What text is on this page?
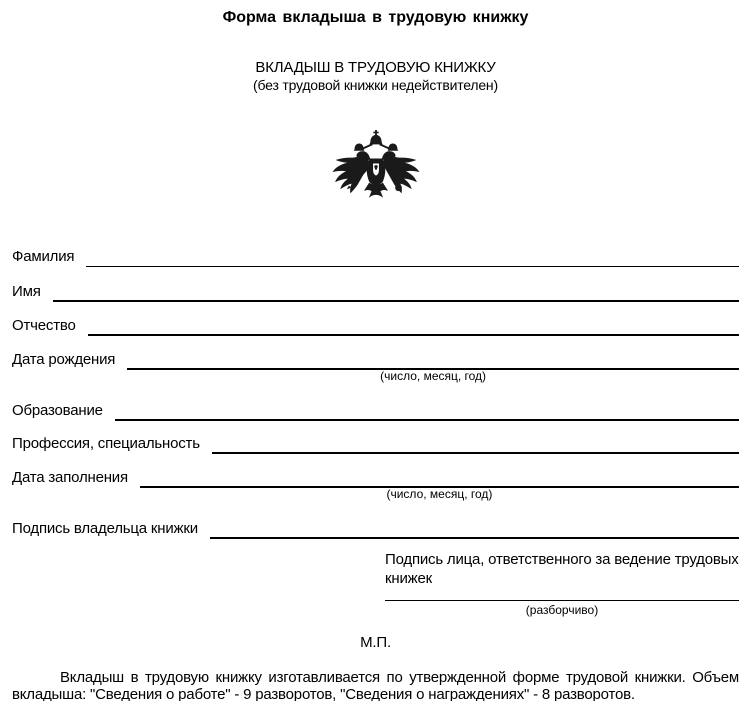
Форма вкладыша в трудовую книжку
ВКЛАДЫШ В ТРУДОВУЮ КНИЖКУ
(без трудовой книжки недействителен)
Фамилия
Имя
Отчество
Дата рождения
(число, месяц, год)
Образование
Профессия, специальность
Дата заполнения
(число, месяц, год)
Подпись владельца книжки
Подпись лица, ответственного за ведение трудовых книжек
(разборчиво)
М.П.
Вкладыш в трудовую книжку изготавливается по утвержденной форме трудовой книжки. Объем вкладыша: "Сведения о работе" - 9 разворотов, "Сведения о награждениях" - 8 разворотов.
